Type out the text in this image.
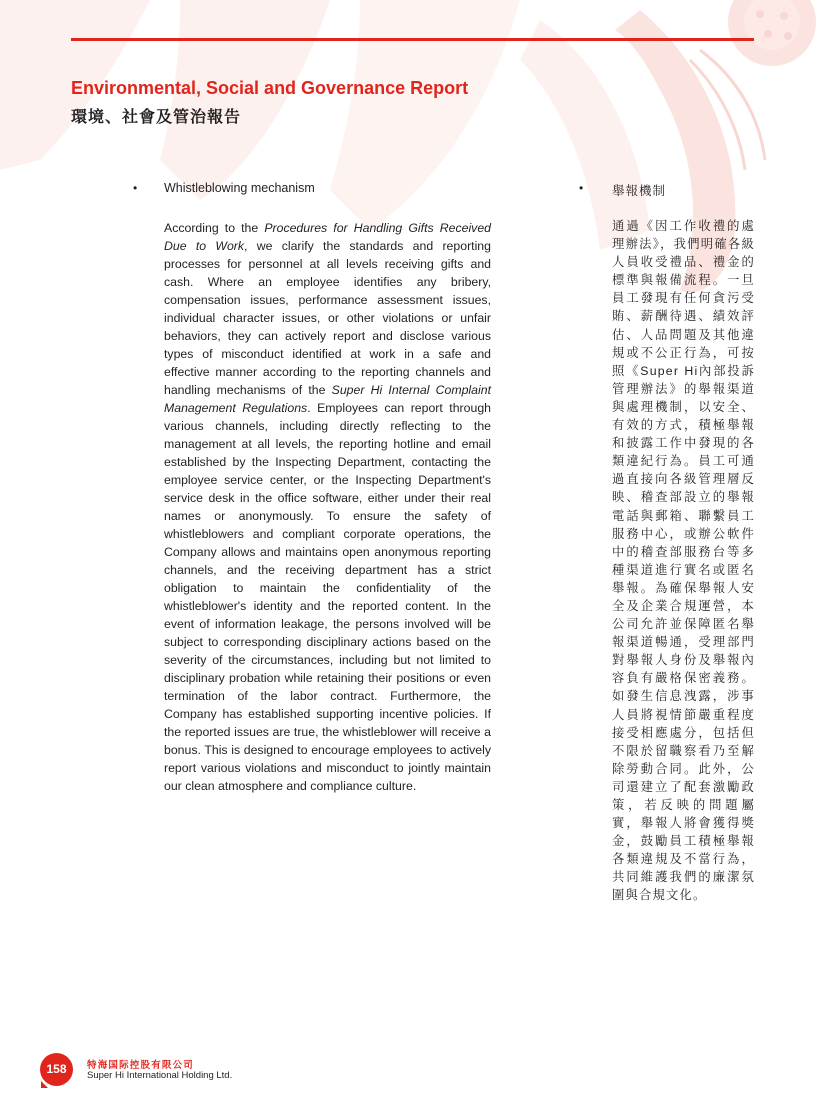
Environmental, Social and Governance Report
環境、社會及管治報告
• Whistleblowing mechanism

According to the Procedures for Handling Gifts Received Due to Work, we clarify the standards and reporting processes for personnel at all levels receiving gifts and cash. Where an employee identifies any bribery, compensation issues, performance assessment issues, individual character issues, or other violations or unfair behaviors, they can actively report and disclose various types of misconduct identified at work in a safe and effective manner according to the reporting channels and handling mechanisms of the Super Hi Internal Complaint Management Regulations. Employees can report through various channels, including directly reflecting to the management at all levels, the reporting hotline and email established by the Inspecting Department, contacting the employee service center, or the Inspecting Department's service desk in the office software, either under their real names or anonymously. To ensure the safety of whistleblowers and compliant corporate operations, the Company allows and maintains open anonymous reporting channels, and the receiving department has a strict obligation to maintain the confidentiality of the whistleblower's identity and the reported content. In the event of information leakage, the persons involved will be subject to corresponding disciplinary actions based on the severity of the circumstances, including but not limited to disciplinary probation while retaining their positions or even termination of the labor contract. Furthermore, the Company has established supporting incentive policies. If the reported issues are true, the whistleblower will receive a bonus. This is designed to encourage employees to actively report various violations and misconduct to jointly maintain our clean atmosphere and compliance culture.

• 舉報機制

通過《因工作收禮的處理辦法》，我們明確各級人員收受禮品、禮金的標準與報備流程。一旦員工發現有任何貪污受賄、薪酬待遇、績效評估、人品問題及其他違規或不公正行為，可按照《Super Hi內部投訴管理辦法》的舉報渠道與處理機制，以安全、有效的方式，積極舉報和披露工作中發現的各類違紀行為。員工可通過直接向各級管理層反映、稽查部設立的舉報電話與郵箱、聯繫員工服務中心，或辦公軟件中的稽查部服務台等多種渠道進行實名或匿名舉報。為確保舉報人安全及企業合規運營，本公司允許並保障匿名舉報渠道暢通，受理部門對舉報人身份及舉報內容負有嚴格保密義務。如發生信息洩露，涉事人員將視情節嚴重程度接受相應處分，包括但不限於留職察看乃至解除勞動合同。此外，公司還建立了配套激勵政策，若反映的問題屬實，舉報人將會獲得獎金，鼓勵員工積極舉報各類違規及不當行為，共同維護我們的廉潔氛圍與合規文化。

158	特海国际控股有限公司
Super Hi International Holding Ltd.
